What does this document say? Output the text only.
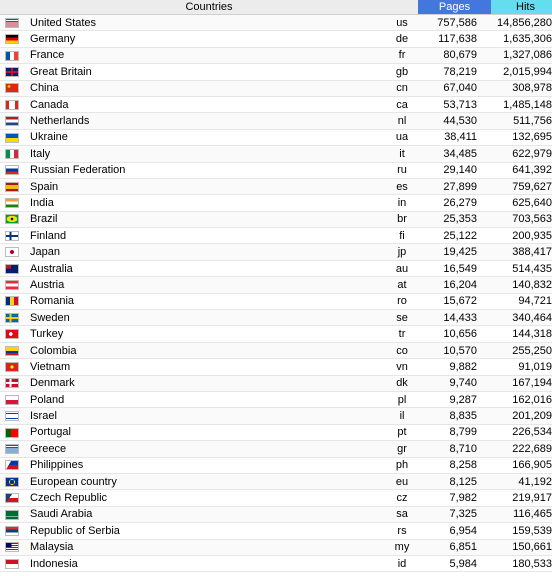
Countries			Pages	Hits
	United States	us	757,586	14,856,280
	Germany	de	117,638	1,635,306
	France	fr	80,679	1,327,086
	Great Britain	gb	78,219	2,015,994
	China	cn	67,040	308,978
	Canada	ca	53,713	1,485,148
	Netherlands	nl	44,530	511,756
	Ukraine	ua	38,411	132,695
	Italy	it	34,485	622,979
	Russian Federation	ru	29,140	641,392
	Spain	es	27,899	759,627
	India	in	26,279	625,640
	Brazil	br	25,353	703,563
	Finland	fi	25,122	200,935
	Japan	jp	19,425	388,417
	Australia	au	16,549	514,435
	Austria	at	16,204	140,832
	Romania	ro	15,672	94,721
	Sweden	se	14,433	340,464
	Turkey	tr	10,656	144,318
	Colombia	co	10,570	255,250
	Vietnam	vn	9,882	91,019
	Denmark	dk	9,740	167,194
	Poland	pl	9,287	162,016
	Israel	il	8,835	201,209
	Portugal	pt	8,799	226,534
	Greece	gr	8,710	222,689
	Philippines	ph	8,258	166,905
	European country	eu	8,125	41,192
	Czech Republic	cz	7,982	219,917
	Saudi Arabia	sa	7,325	116,465
	Republic of Serbia	rs	6,954	159,539
	Malaysia	my	6,851	150,661
	Indonesia	id	5,984	180,533
